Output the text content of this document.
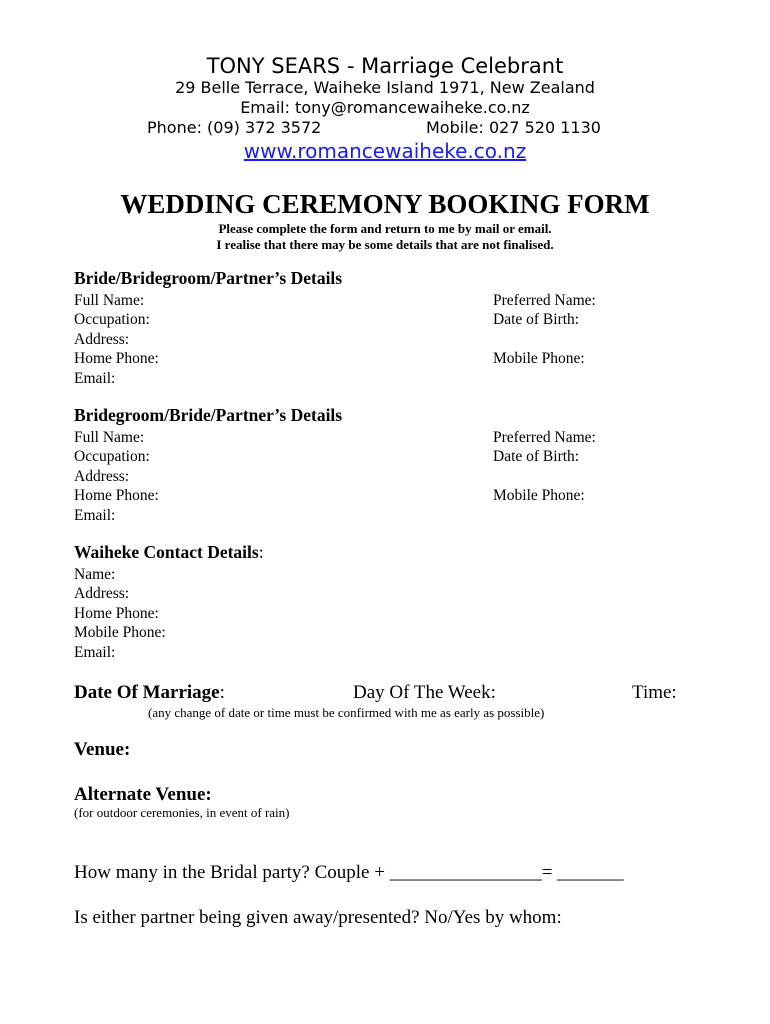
TONY SEARS - Marriage Celebrant
29 Belle Terrace, Waiheke Island 1971, New Zealand
Email: tony@romancewaiheke.co.nz
Phone: (09) 372 3572	Mobile: 027 520 1130
www.romancewaiheke.co.nz
WEDDING CEREMONY BOOKING FORM
Please complete the form and return to me by mail or email.
I realise that there may be some details that are not finalised.
Bride/Bridegroom/Partner’s Details
Full Name:	Preferred Name:
Occupation:	Date of Birth:
Address:
Home Phone:	Mobile Phone:
Email:
Bridegroom/Bride/Partner’s Details
Full Name:	Preferred Name:
Occupation:	Date of Birth:
Address:
Home Phone:	Mobile Phone:
Email:
Waiheke Contact Details:
Name:
Address:
Home Phone:
Mobile Phone:
Email:
Date Of Marriage:	Day Of The Week:	Time:
(any change of date or time must be confirmed with me as early as possible)
Venue:
Alternate Venue:
(for outdoor ceremonies, in event of rain)
How many in the Bridal party? Couple + ________________= _______
Is either partner being given away/presented? No/Yes by whom:
